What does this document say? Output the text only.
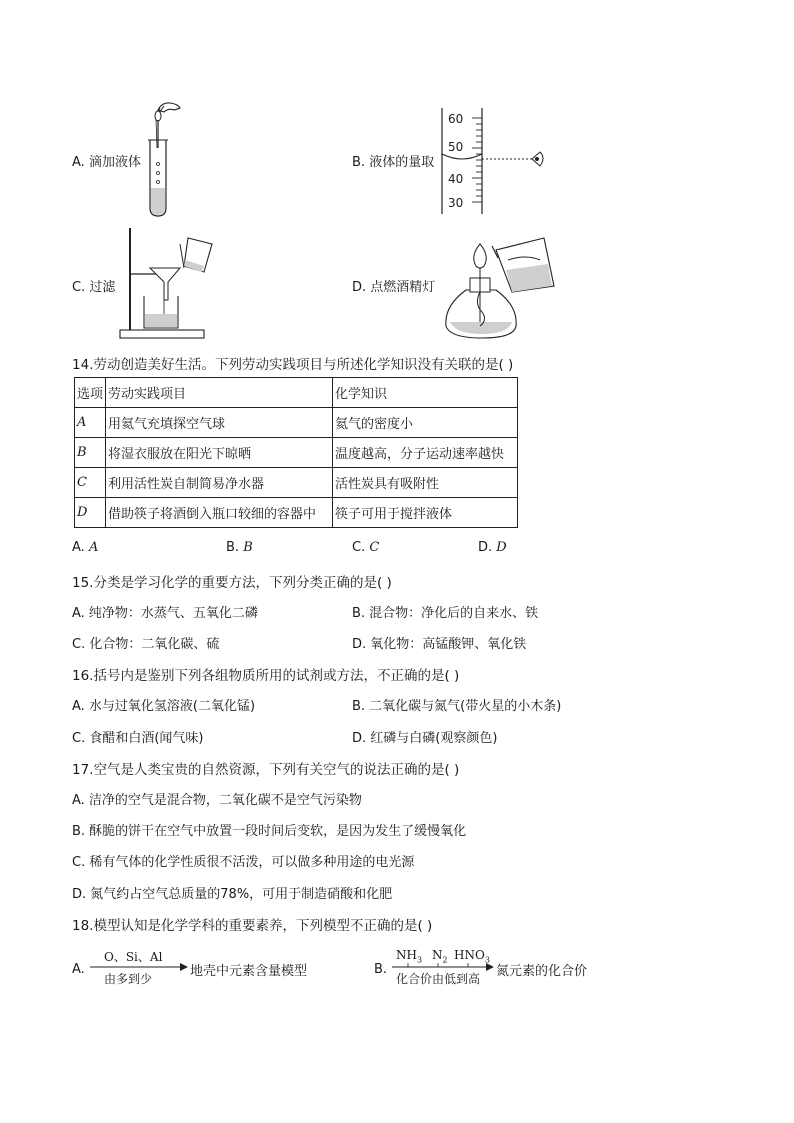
A. 滴加液体	B. 液体的量取
60
50
40
30
C. 过滤	D. 点燃酒精灯
14.劳动创造美好生活。下列劳动实践项目与所述化学知识没有关联的是( )
选项	劳动实践项目	化学知识
A	用氦气充填探空气球	氦气的密度小
B	将湿衣服放在阳光下晾晒	温度越高，分子运动速率越快
C	利用活性炭自制简易净水器	活性炭具有吸附性
D	借助筷子将酒倒入瓶口较细的容器中	筷子可用于搅拌液体
A. A	B. B	C. C	D. D
15.分类是学习化学的重要方法，下列分类正确的是( )
A. 纯净物：水蒸气、五氧化二磷	B. 混合物：净化后的自来水、铁
C. 化合物：二氧化碳、硫	D. 氧化物：高锰酸钾、氧化铁
16.括号内是鉴别下列各组物质所用的试剂或方法，不正确的是( )
A. 水与过氧化氢溶液(二氧化锰)	B. 二氧化碳与氮气(带火星的小木条)
C. 食醋和白酒(闻气味)	D. 红磷与白磷(观察颜色)
17.空气是人类宝贵的自然资源，下列有关空气的说法正确的是( )
A. 洁净的空气是混合物，二氧化碳不是空气污染物
B. 酥脆的饼干在空气中放置一段时间后变软，是因为发生了缓慢氧化
C. 稀有气体的化学性质很不活泼，可以做多种用途的电光源
D. 氮气约占空气总质量的78%，可用于制造硝酸和化肥
18.模型认知是化学学科的重要素养，下列模型不正确的是( )
A.
O、Si、Al
由多到少	地壳中元素含量模型	B.
$NH_3$ $N_2$ $HNO_3$
化合价由低到高 氮元素的化合价
